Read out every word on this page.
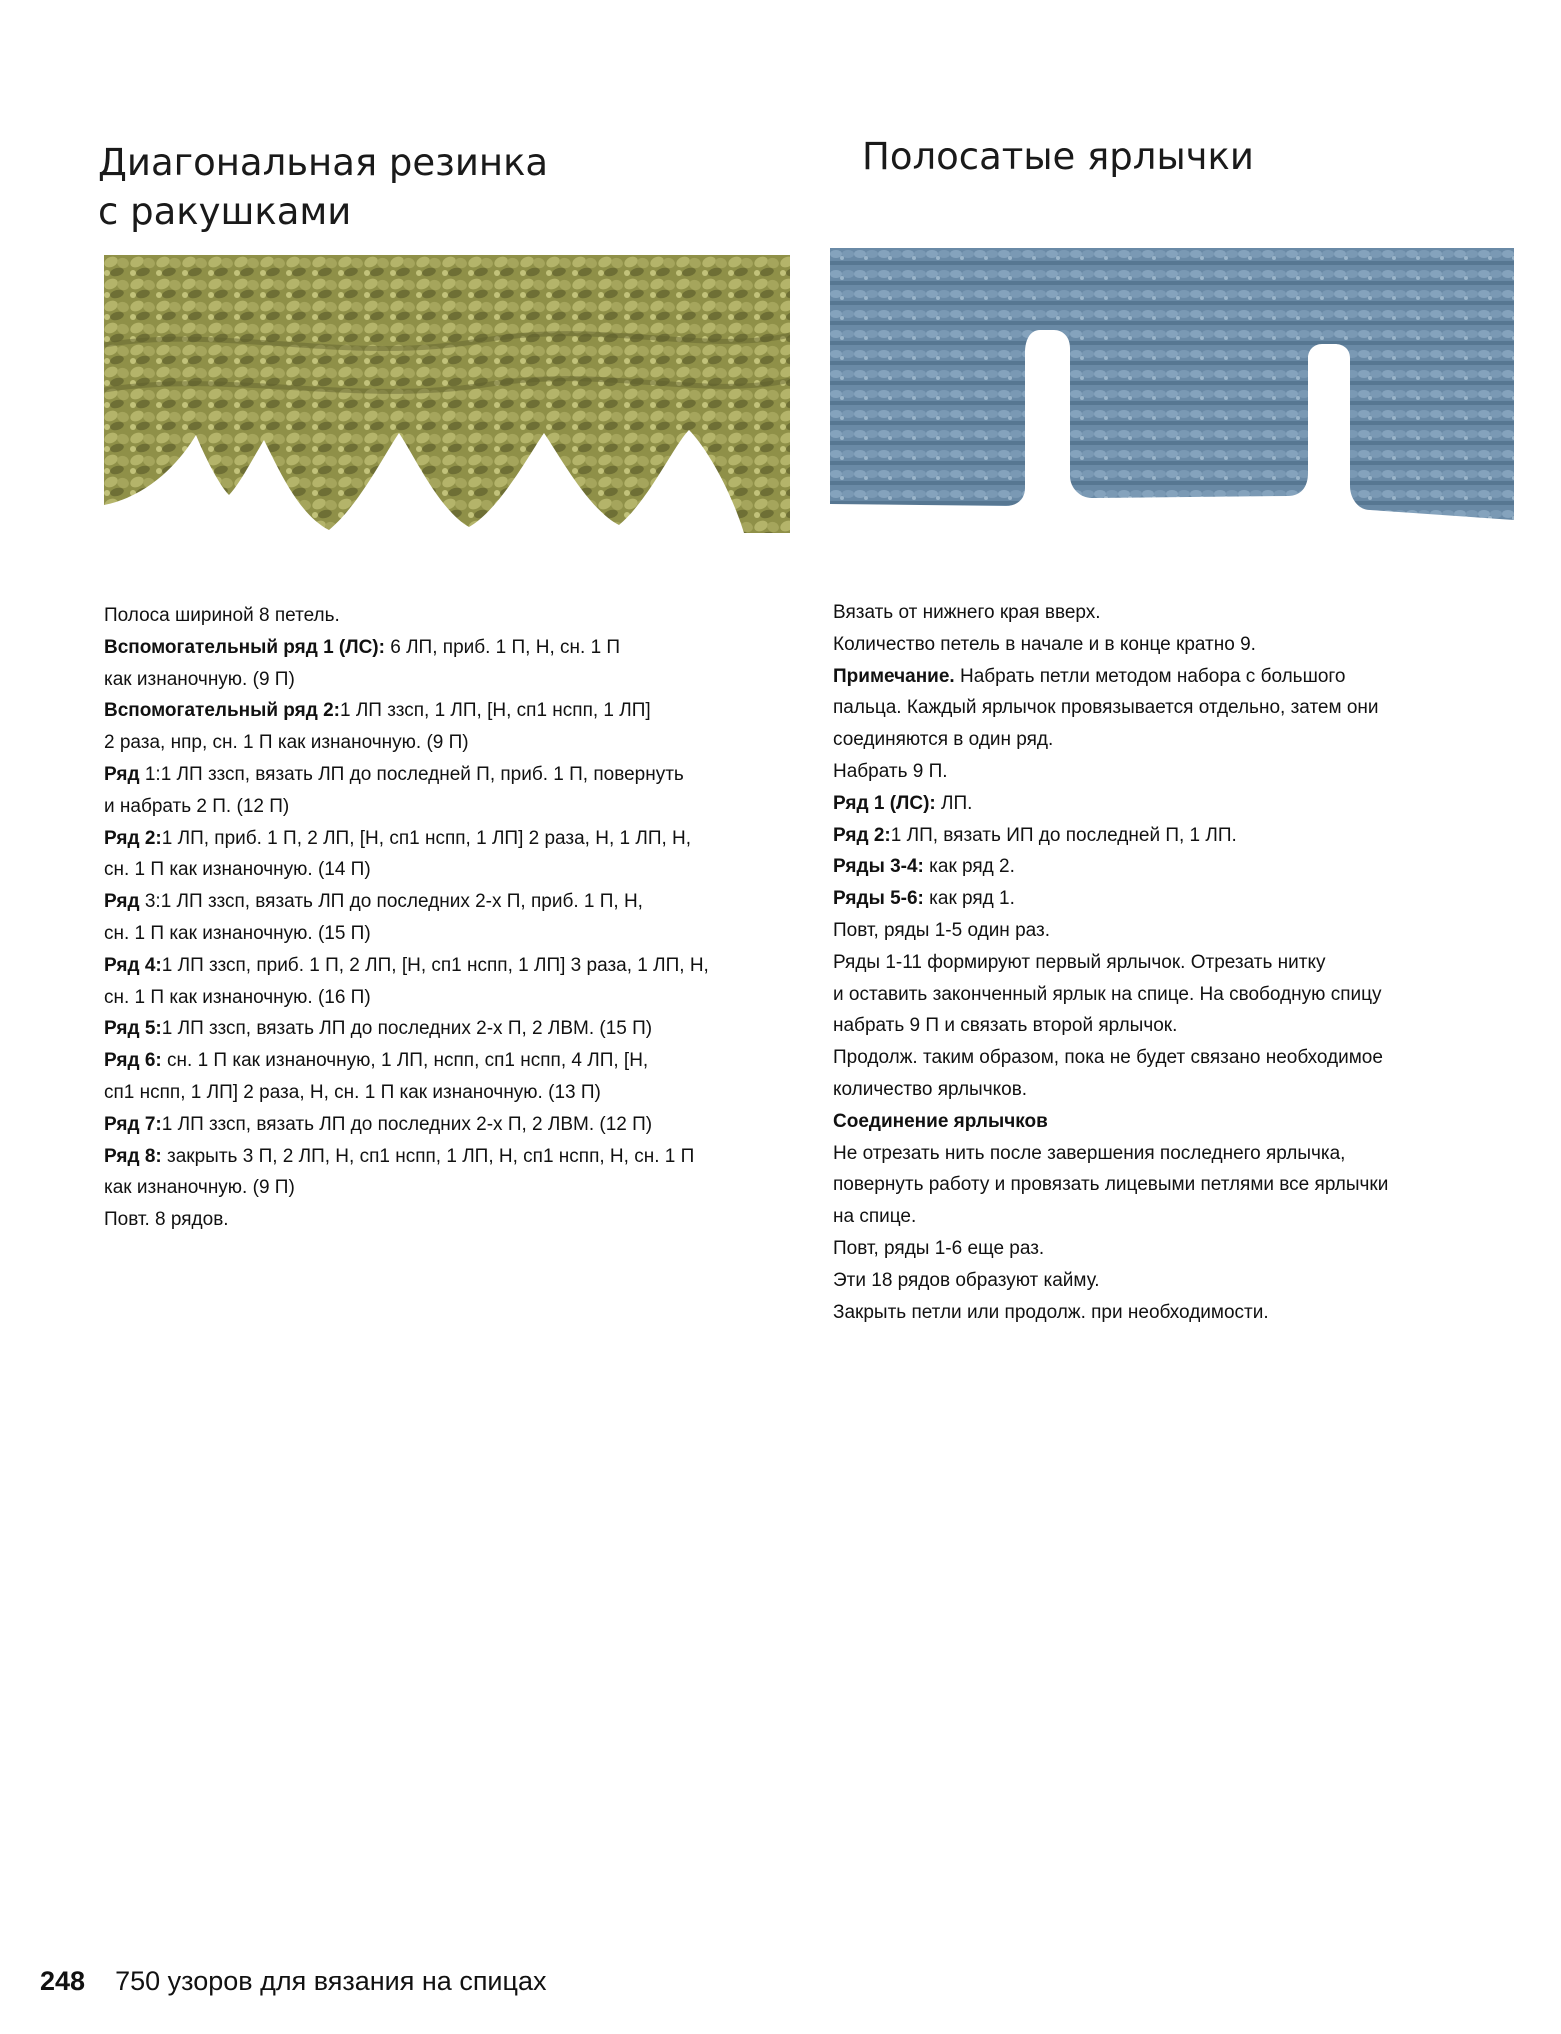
Диагональная резинка
с ракушками
Полосатые ярлычки

Полоса шириной 8 петель.

Вспомогательный ряд 1 (ЛС): 6 ЛП, приб. 1 П, Н, сн. 1 П

как изнаночную. (9 П)

Вспомогательный ряд 2:1 ЛП ззсп, 1 ЛП, [Н, сп1 нспп, 1 ЛП]

2 раза, нпр, сн. 1 П как изнаночную. (9 П)

Ряд 1:1 ЛП ззсп, вязать ЛП до последней П, приб. 1 П, повернуть

и набрать 2 П. (12 П)

Ряд 2:1 ЛП, приб. 1 П, 2 ЛП, [Н, сп1 нспп, 1 ЛП] 2 раза, Н, 1 ЛП, Н,

сн. 1 П как изнаночную. (14 П)

Ряд 3:1 ЛП ззсп, вязать ЛП до последних 2-х П, приб. 1 П, Н,

сн. 1 П как изнаночную. (15 П)

Ряд 4:1 ЛП ззсп, приб. 1 П, 2 ЛП, [Н, сп1 нспп, 1 ЛП] 3 раза, 1 ЛП, Н,

сн. 1 П как изнаночную. (16 П)

Ряд 5:1 ЛП ззсп, вязать ЛП до последних 2-х П, 2 ЛВМ. (15 П)

Ряд 6: сн. 1 П как изнаночную, 1 ЛП, нспп, сп1 нспп, 4 ЛП, [Н,

сп1 нспп, 1 ЛП] 2 раза, Н, сн. 1 П как изнаночную. (13 П)

Ряд 7:1 ЛП ззсп, вязать ЛП до последних 2-х П, 2 ЛВМ. (12 П)

Ряд 8: закрыть 3 П, 2 ЛП, Н, сп1 нспп, 1 ЛП, Н, сп1 нспп, Н, сн. 1 П

как изнаночную. (9 П)

Повт. 8 рядов.

Вязать от нижнего края вверх.

Количество петель в начале и в конце кратно 9.

Примечание. Набрать петли методом набора с большого

пальца. Каждый ярлычок провязывается отдельно, затем они

соединяются в один ряд.

Набрать 9 П.

Ряд 1 (ЛС): ЛП.

Ряд 2:1 ЛП, вязать ИП до последней П, 1 ЛП.

Ряды 3-4: как ряд 2.

Ряды 5-6: как ряд 1.

Повт, ряды 1-5 один раз.

Ряды 1-11 формируют первый ярлычок. Отрезать нитку

и оставить законченный ярлык на спице. На свободную спицу

набрать 9 П и связать второй ярлычок.

Продолж. таким образом, пока не будет связано необходимое

количество ярлычков.

Соединение ярлычков

Не отрезать нить после завершения последнего ярлычка,

повернуть работу и провязать лицевыми петлями все ярлычки

на спице.

Повт, ряды 1-6 еще раз.

Эти 18 рядов образуют кайму.

Закрыть петли или продолж. при необходимости.

248 750 узоров для вязания на спицах
